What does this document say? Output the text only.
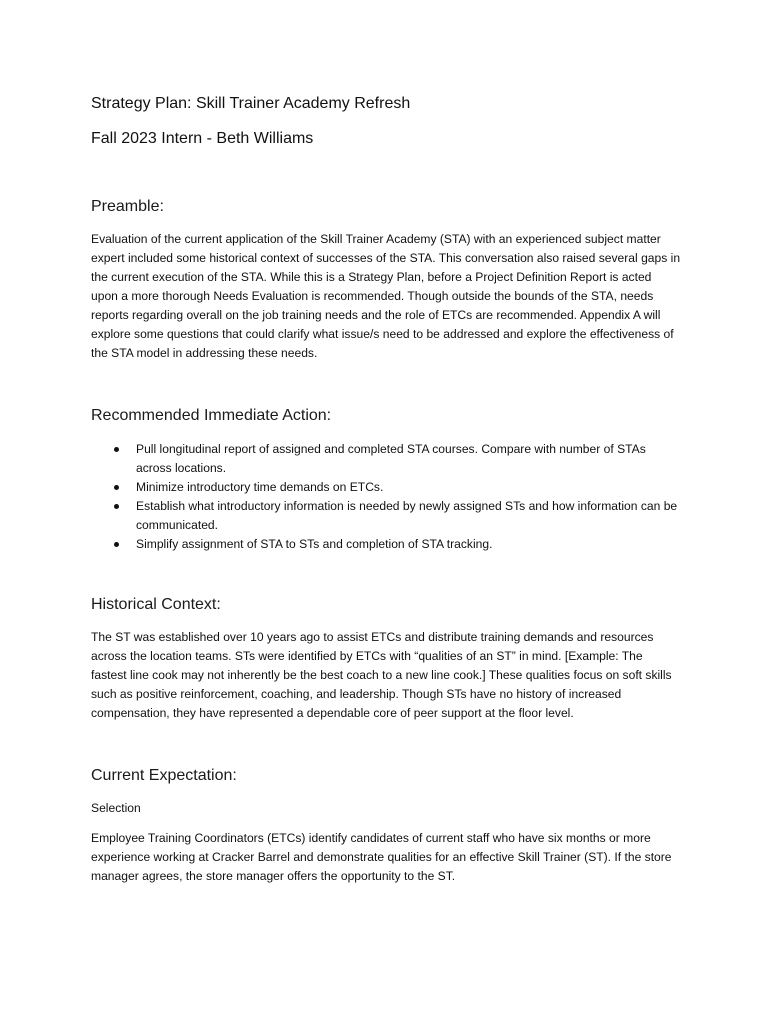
Strategy Plan: Skill Trainer Academy Refresh
Fall 2023 Intern - Beth Williams
Preamble:

Evaluation of the current application of the Skill Trainer Academy (STA) with an experienced subject matter expert included some historical context of successes of the STA. This conversation also raised several gaps in the current execution of the STA. While this is a Strategy Plan, before a Project Definition Report is acted upon a more thorough Needs Evaluation is recommended. Though outside the bounds of the STA, needs reports regarding overall on the job training needs and the role of ETCs are recommended. Appendix A will explore some questions that could clarify what issue/s need to be addressed and explore the effectiveness of the STA model in addressing these needs.

Recommended Immediate Action:
Pull longitudinal report of assigned and completed STA courses. Compare with number of STAs across locations.
Minimize introductory time demands on ETCs.
Establish what introductory information is needed by newly assigned STs and how information can be communicated.
Simplify assignment of STA to STs and completion of STA tracking.
Historical Context:

The ST was established over 10 years ago to assist ETCs and distribute training demands and resources across the location teams. STs were identified by ETCs with “qualities of an ST” in mind. [Example: The fastest line cook may not inherently be the best coach to a new line cook.] These qualities focus on soft skills such as positive reinforcement, coaching, and leadership. Though STs have no history of increased compensation, they have represented a dependable core of peer support at the floor level.

Current Expectation:
Selection

Employee Training Coordinators (ETCs) identify candidates of current staff who have six months or more experience working at Cracker Barrel and demonstrate qualities for an effective Skill Trainer (ST). If the store manager agrees, the store manager offers the opportunity to the ST.
